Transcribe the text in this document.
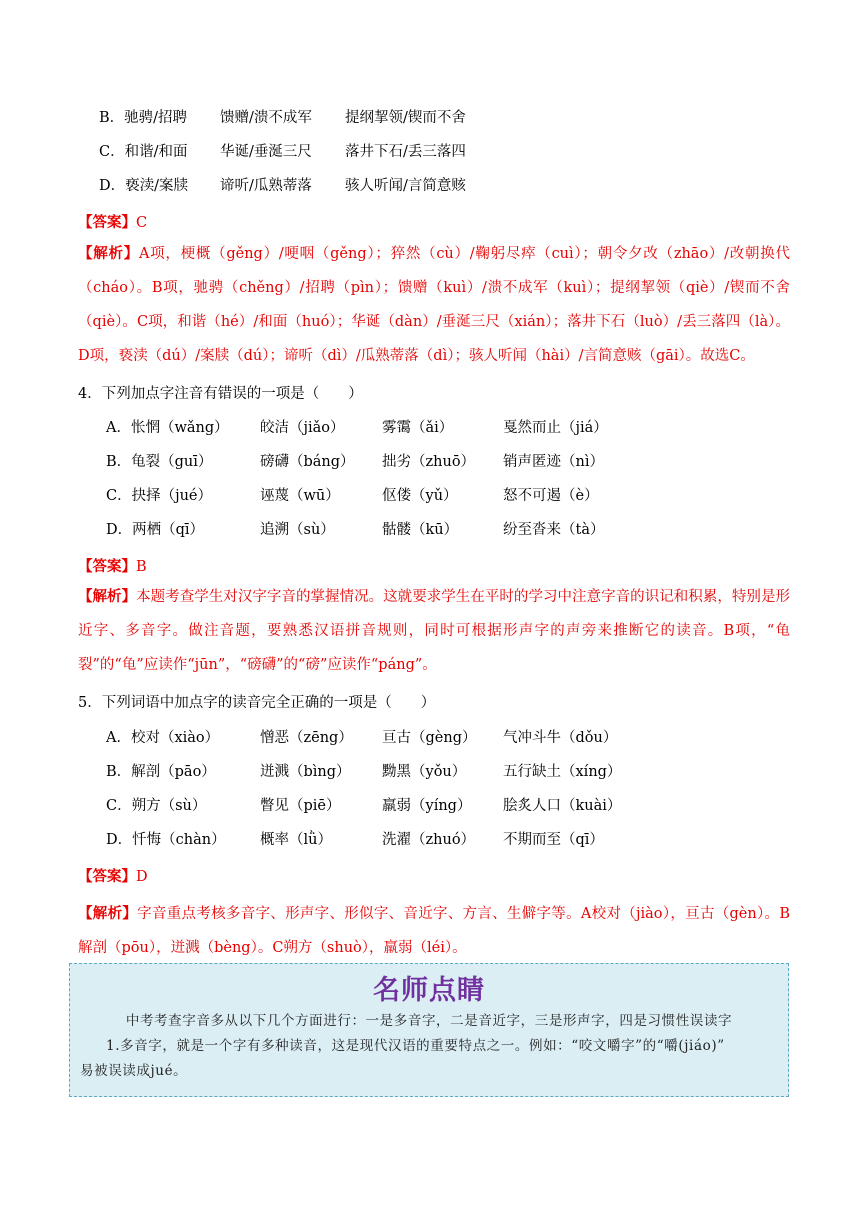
B．驰骋/招聘 馈赠/溃不成军 提纲挈领/锲而不舍
C．和谐/和面 华诞/垂涎三尺 落井下石/丢三落四
D．亵渎/案牍 谛听/瓜熟蒂落 骇人听闻/言简意赅
【答案】C
【解析】A项，梗概（gěng）/哽咽（gěng）；猝然（cù）/鞠躬尽瘁（cuì）；朝令夕改（zhāo）/改朝换代（cháo）。B项，驰骋（chěng）/招聘（pìn）；馈赠（kuì）/溃不成军（kuì）；提纲挈领（qiè）/锲而不舍（qiè）。C项，和谐（hé）/和面（huó）；华诞（dàn）/垂涎三尺（xián）；落井下石（luò）/丢三落四（là）。D项，亵渎（dú）/案牍（dú）；谛听（dì）/瓜熟蒂落（dì）；骇人听闻（hài）/言简意赅（gāi）。故选C。
4．下列加点字注音有错误的一项是（　　）
A．怅惘（wǎng） 皎洁（jiǎo）	雾霭（ǎi）	戛然而止（jiá）
B．龟裂（guī）	磅礴（báng） 拙劣（zhuō） 销声匿迹（nì）
C．抉择（jué）	诬蔑（wū）	伛偻（yǔ）	怒不可遏（è）
D．两栖（qī）	追溯（sù）	骷髅（kū）	纷至沓来（tà）
【答案】B
【解析】本题考查学生对汉字字音的掌握情况。这就要求学生在平时的学习中注意字音的识记和积累，特别是形近字、多音字。做注音题，要熟悉汉语拼音规则，同时可根据形声字的声旁来推断它的读音。B项，“龟裂”的“龟”应读作“jūn”，“磅礴”的“磅”应读作“páng”。
5．下列词语中加点字的读音完全正确的一项是（　　）
A．校对（xiào）	憎恶（zēng） 亘古（gèng） 气冲斗牛（dǒu）
B．解剖（pāo）	迸溅（bìng） 黝黑（yǒu）	五行缺土（xíng）
C．朔方（sù）	瞥见（piē）	羸弱（yíng） 脍炙人口（kuài）
D．忏悔（chàn） 概率（lǜ）	洗濯（zhuó） 不期而至（qī）
【答案】D
【解析】字音重点考核多音字、形声字、形似字、音近字、方言、生僻字等。A校对（jiào），亘古（gèn）。B解剖（pōu），迸溅（bèng）。C朔方（shuò），羸弱（léi）。
名师点睛
中考考查字音多从以下几个方面进行：一是多音字，二是音近字，三是形声字，四是习惯性误读字
1.多音字，就是一个字有多种读音，这是现代汉语的重要特点之一。例如：“咬文嚼字”的“嚼(jiáo)”
易被误读成jué。
